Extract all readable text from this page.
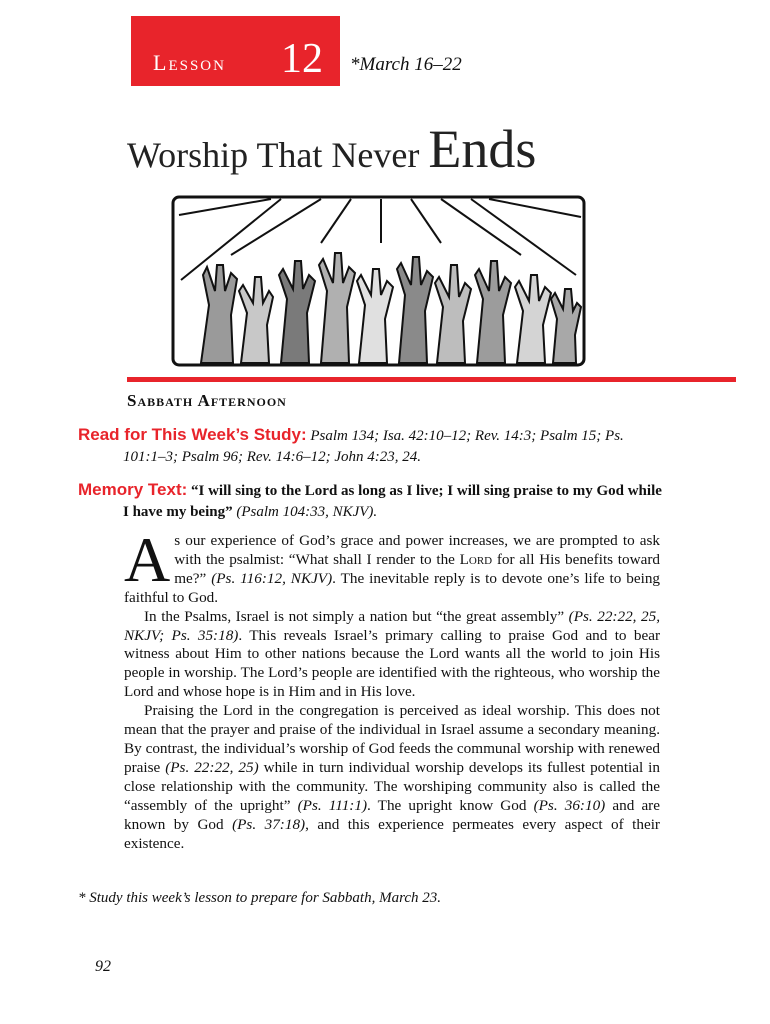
Lesson 12 *March 16–22
Worship That Never Ends
Sabbath Afternoon
Read for This Week’s Study: Psalm 134; Isa. 42:10–12; Rev. 14:3; Psalm 15; Ps. 101:1–3; Psalm 96; Rev. 14:6–12; John 4:23, 24.
Memory Text: “I will sing to the Lord as long as I live; I will sing praise to my God while I have my being” (Psalm 104:33, NKJV).

As our experience of God’s grace and power increases, we are prompted to ask with the psalmist: “What shall I render to the Lord for all His benefits toward me?” (Ps. 116:12, NKJV). The inevitable reply is to devote one’s life to being faithful to God.

In the Psalms, Israel is not simply a nation but “the great assembly” (Ps. 22:22, 25, NKJV; Ps. 35:18). This reveals Israel’s primary calling to praise God and to bear witness about Him to other nations because the Lord wants all the world to join His people in worship. The Lord’s people are identified with the righteous, who worship the Lord and whose hope is in Him and in His love.

Praising the Lord in the congregation is perceived as ideal worship. This does not mean that the prayer and praise of the individual in Israel assume a secondary meaning. By contrast, the individual’s worship of God feeds the communal worship with renewed praise (Ps. 22:22, 25) while in turn individual worship develops its fullest potential in close relationship with the community. The worshiping community also is called the “assembly of the upright” (Ps. 111:1). The upright know God (Ps. 36:10) and are known by God (Ps. 37:18), and this experience permeates every aspect of their existence.

* Study this week’s lesson to prepare for Sabbath, March 23.
92
